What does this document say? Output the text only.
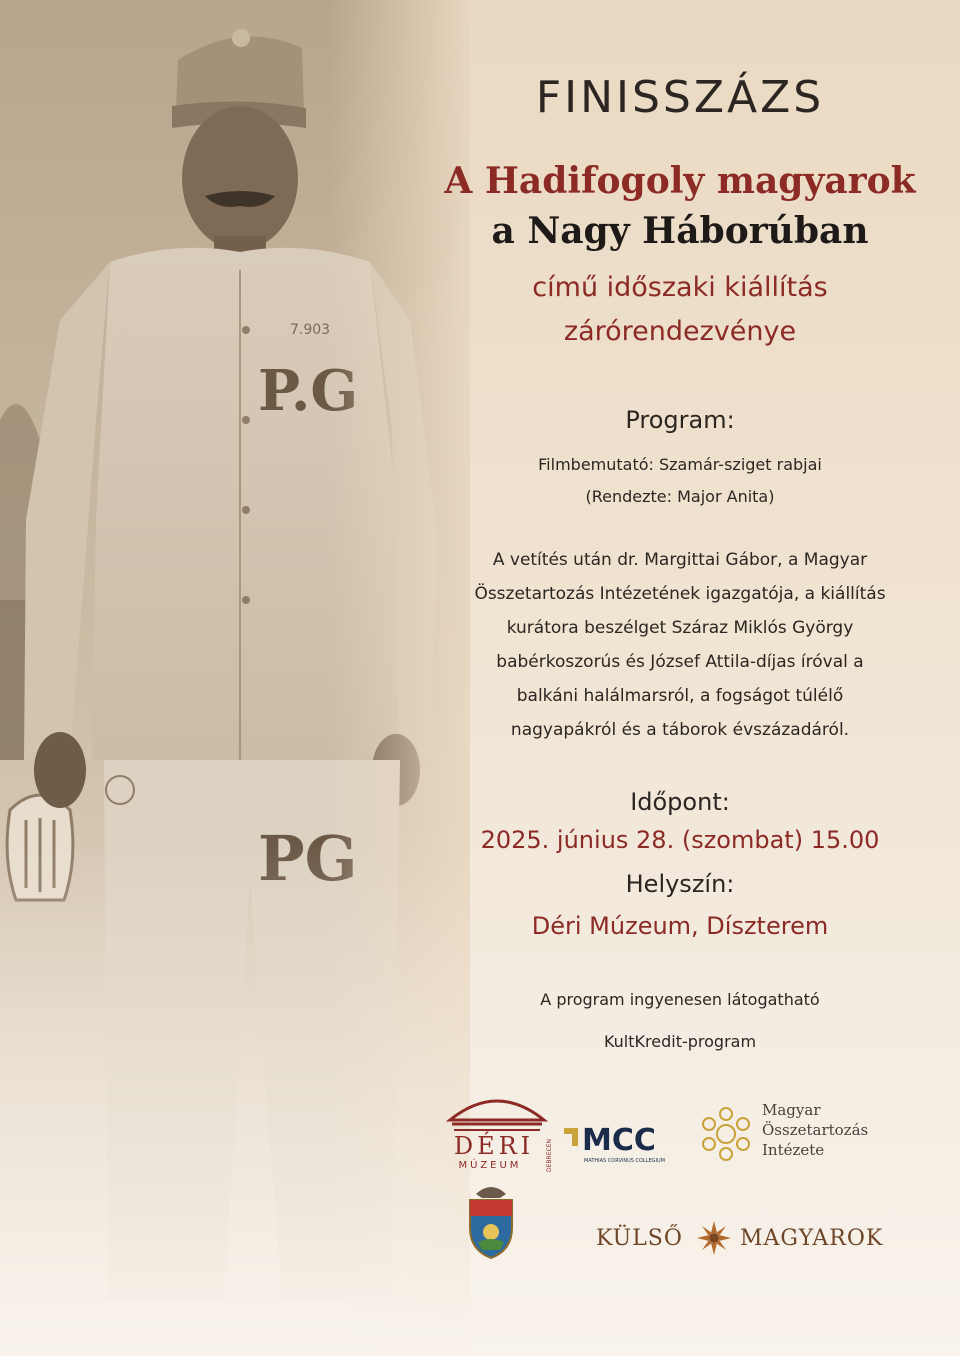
FINISSZÁZS
A Hadifogoly magyarok
a Nagy Háborúban
című időszaki kiállítás
zárórendezvénye
Program:
Filmbemutató: Szamár-sziget rabjai
(Rendezte: Major Anita)
A vetítés után dr. Margittai Gábor, a Magyar
Összetartozás Intézetének igazgatója, a kiállítás
kurátora beszélget Száraz Miklós György
babérkoszorús és József Attila-díjas íróval a
balkáni halálmarsról, a fogságot túlélő
nagyapákról és a táborok évszázadáról.
Időpont:
2025. június 28. (szombat) 15.00
Helyszín:
Déri Múzeum, Díszterem
A program ingyenesen látogatható
KultKredit-program
DÉRI
MÚZEUM	DEBRECEN MCC
MATHIAS CORVINUS COLLEGIUM
Magyar
Összetartozás
Intézete
KÜLSŐ	MAGYAROK
